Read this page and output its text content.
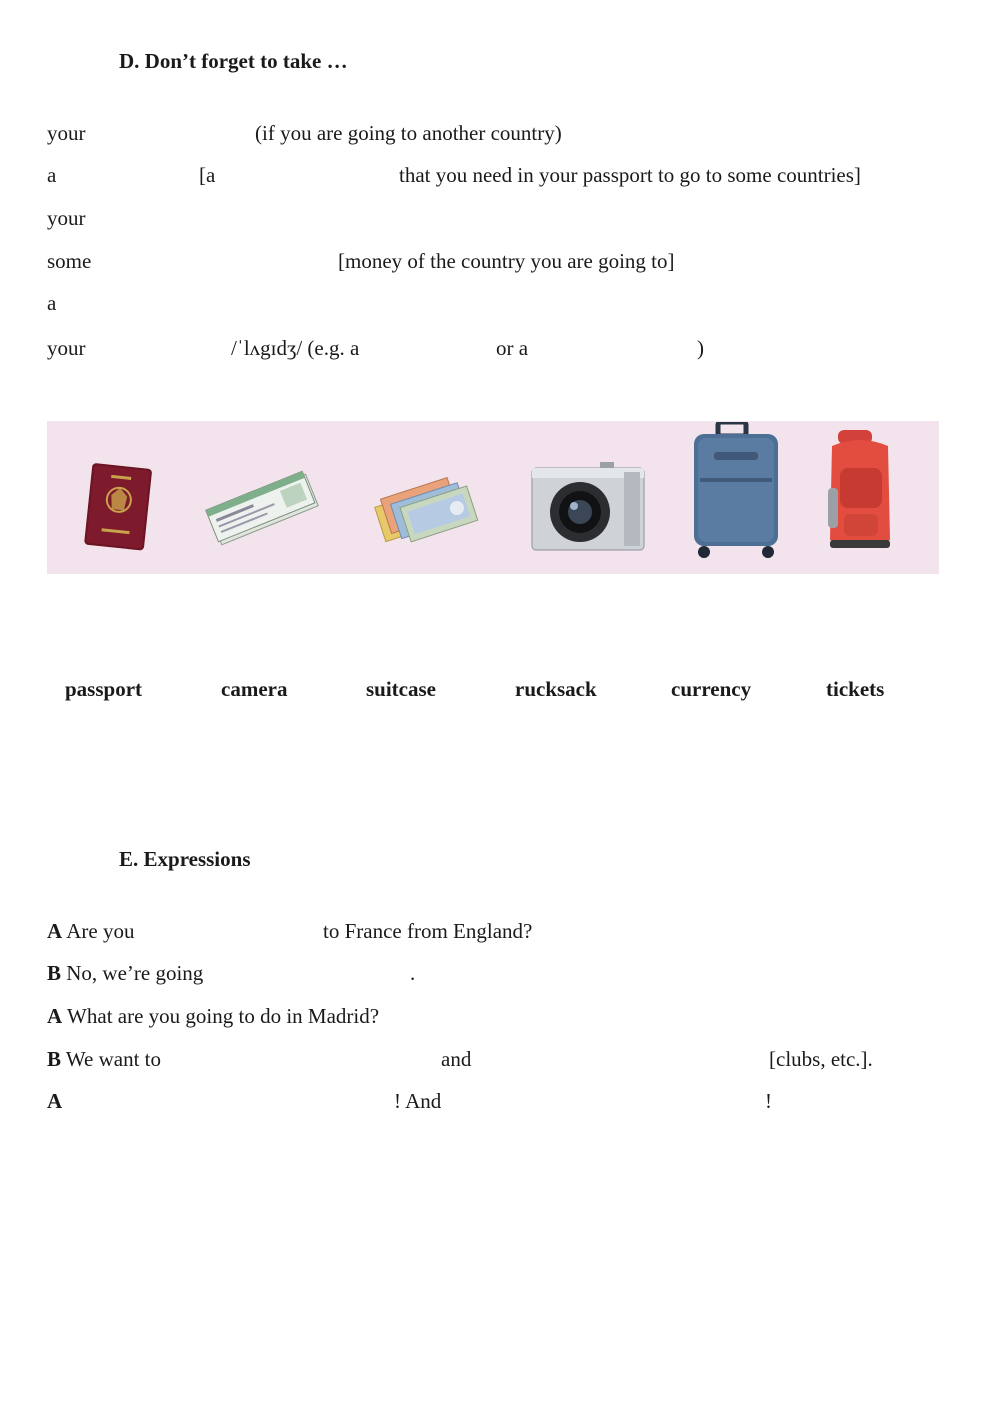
D. Don’t forget to take …
your	(if you are going to another country)
a	[a	that you need in your passport to go to some countries]
your
some	[money of the country you are going to]
a
your	/ˈlʌgɪdʒ/ (e.g. a	or a	)
passport	camera	suitcase	rucksack	currency	tickets
E. Expressions
A Are you	to France from England?
B No, we’re going	.
A What are you going to do in Madrid?
B We want to	and	[clubs, etc.].
A	! And	!
